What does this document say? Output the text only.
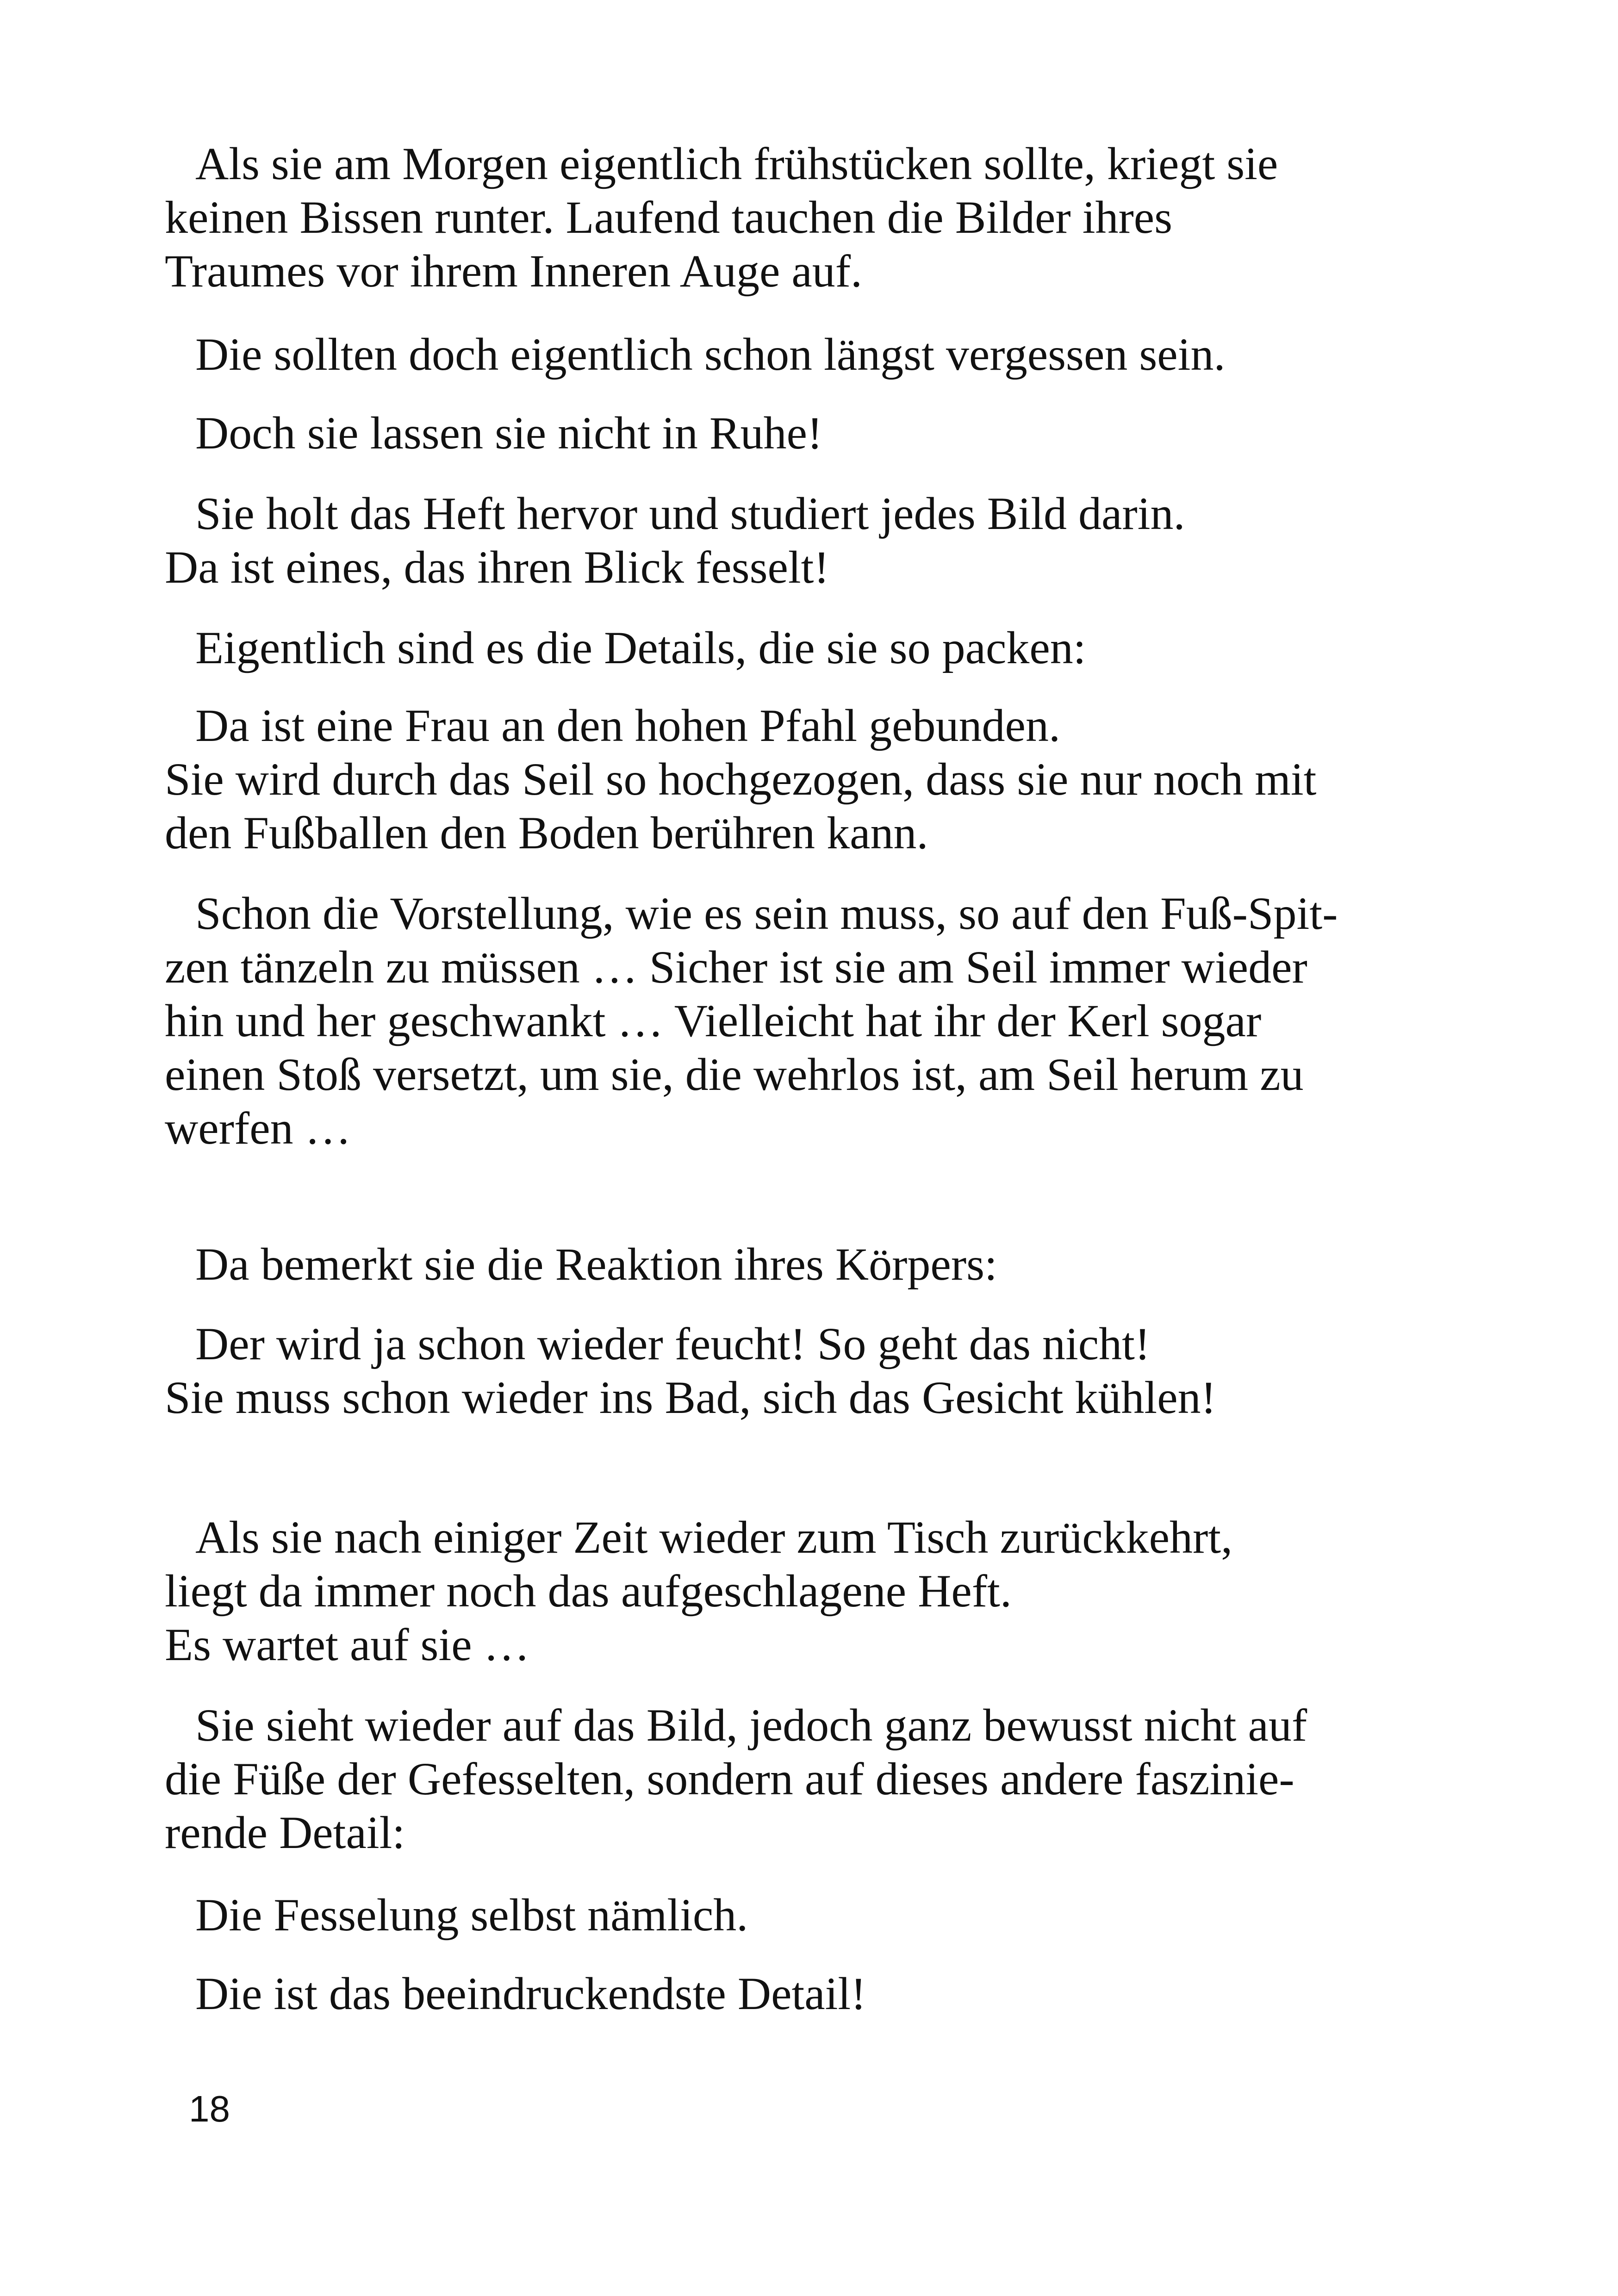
Als sie am Morgen eigentlich frühstücken sollte, kriegt sie
keinen Bissen runter. Laufend tauchen die Bilder ihres
Traumes vor ihrem Inneren Auge auf.
Die sollten doch eigentlich schon längst vergessen sein.
Doch sie lassen sie nicht in Ruhe!
Sie holt das Heft hervor und studiert jedes Bild darin.
Da ist eines, das ihren Blick fesselt!
Eigentlich sind es die Details, die sie so packen:
Da ist eine Frau an den hohen Pfahl gebunden.
Sie wird durch das Seil so hochgezogen, dass sie nur noch mit
den Fußballen den Boden berühren kann.
Schon die Vorstellung, wie es sein muss, so auf den Fuß-Spit-
zen tänzeln zu müssen … Sicher ist sie am Seil immer wieder
hin und her geschwankt … Vielleicht hat ihr der Kerl sogar
einen Stoß versetzt, um sie, die wehrlos ist, am Seil herum zu
werfen …
Da bemerkt sie die Reaktion ihres Körpers:
Der wird ja schon wieder feucht! So geht das nicht!
Sie muss schon wieder ins Bad, sich das Gesicht kühlen!
Als sie nach einiger Zeit wieder zum Tisch zurückkehrt,
liegt da immer noch das aufgeschlagene Heft.
Es wartet auf sie …
Sie sieht wieder auf das Bild, jedoch ganz bewusst nicht auf
die Füße der Gefesselten, sondern auf dieses andere faszinie-
rende Detail:
Die Fesselung selbst nämlich.
Die ist das beeindruckendste Detail!
18
